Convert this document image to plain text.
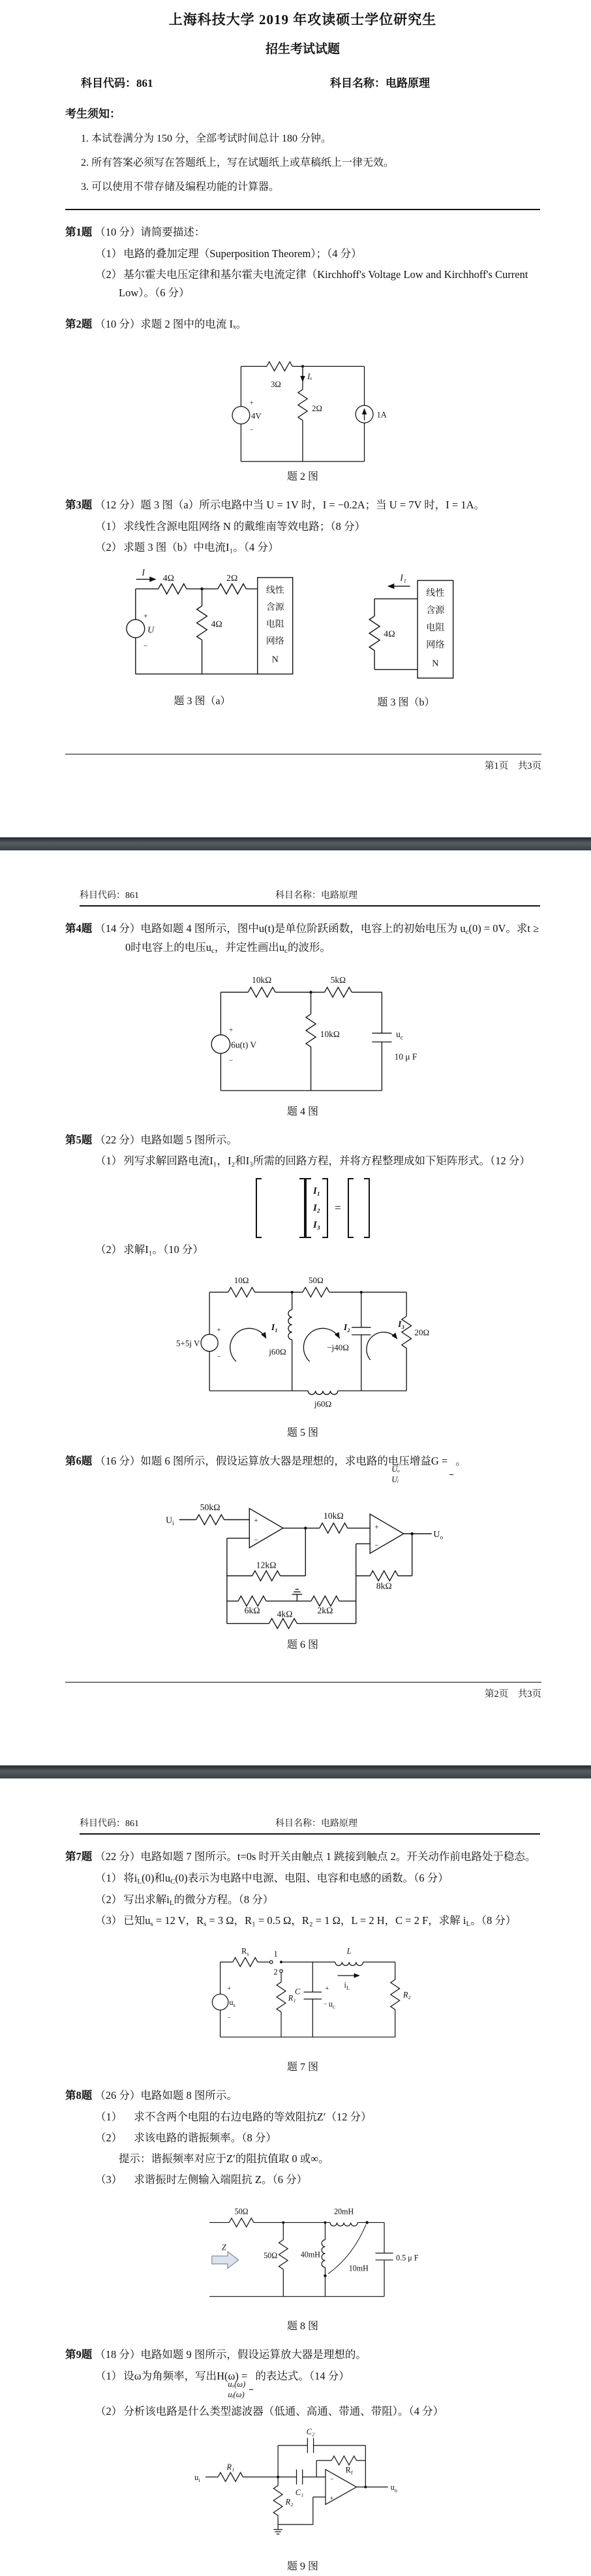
上海科技大学 2019 年攻读硕士学位研究生
招生考试试题
科目代码：861	科目名称：电路原理
考生须知：
1. 本试卷满分为 150 分，全部考试时间总计 180 分钟。
2. 所有答案必须写在答题纸上，写在试题纸上或草稿纸上一律无效。
3. 可以使用不带存储及编程功能的计算器。
第1题 （10 分）请简要描述：
（1） 电路的叠加定理（Superposition Theorem）；（4 分）
（2） 基尔霍夫电压定律和基尔霍夫电流定律（Kirchhoff's Voltage Low and Kirchhoff's Current Low）。（6 分）
第2题 （10 分）求题 2 图中的电流 Iₓ。
Iₓ
3Ω
2Ω
+
4V
−
1A
题 2 图
第3题 （12 分）题 3 图（a）所示电路中当 U = 1V 时，I = −0.2A；当 U = 7V 时，I = 1A。
（1） 求线性含源电阻网络 N 的戴维南等效电路；（8 分）
（2） 求题 3 图（b）中电流I₁。（4 分）
I
4Ω	2Ω
4Ω
+
U
−
线性
含源
电阻
网络
N
题 3 图（a）
I₁
4Ω
线性
含源
电阻
网络
N
题 3 图（b）
第1页　共3页
科目代码：861	科目名称：电路原理
第4题 （14 分）电路如题 4 图所示，图中u(t)是单位阶跃函数，电容上的初始电压为 $u_c(0) = 0V$。求t ≥ 0时电容上的电压$u_c$，并定性画出$u_c$的波形。
10kΩ	5kΩ
10kΩ
+
6u(t) V
−
$u_c$
10 μ F
题 4 图
第5题 （22 分）电路如题 5 图所示。
（1） 列写求解回路电流I₁，I₂和I₃所需的回路方程，并将方程整理成如下矩阵形式。（12 分）
I₁
I₂
I₃
=
（2） 求解I₁。（10 分）
10Ω	50Ω
5+5j V
+
−
I₁	I₂	I₃
j60Ω	−j40Ω
20Ω
j60Ω
题 5 图
第6题 （16 分）如题 6 图所示，假设运算放大器是理想的，求电路的电压增益G =
$\frac{\text{Uₒ}}{\text{Uᵢ}}$
。
$U_i$
50kΩ
10kΩ
12kΩ
8kΩ
6kΩ	2kΩ
4kΩ
+
−
+
−
$U_o$
题 6 图
第2页　共3页
科目代码：861	科目名称：电路原理
第7题 （22 分）电路如题 7 图所示。t=0s 时开关由触点 1 跳接到触点 2。开关动作前电路处于稳态。
（1） 将$i_L(0)$和$u_C(0)$表示为电路中电源、电阻、电容和电感的函数。（6 分）
（2） 写出求解$i_L$的微分方程。（8 分）
（3） 已知$u_s = 12$ V，$R_s = 3$ Ω，R₁ = 0.5 Ω，R₂ = 1 Ω，L = 2 H，C = 2 F，求解 $i_L$。（8 分）
$R_s$ 1
2
R₁
C	+
− $u_c$
L
$i_L$
R₂
+
$u_s$
−
题 7 图
第8题 （26 分）电路如题 8 图所示。
（1） 求不含两个电阻的右边电路的等效阻抗Z′（12 分）
（2） 求该电路的谐振频率。（8 分）
提示：谐振频率对应于Z′的阻抗值取 0 或∞。
（3） 求谐振时左侧输入端阻抗 Z。（6 分）
50Ω	20mH
Z
50Ω 40mH
10mH
0.5 μ F
题 8 图
第9题 （18 分）电路如题 9 图所示，假设运算放大器是理想的。
（1） 设ω为角频率，写出H(ω) =
$\frac{\text{uₒ(ω)}}{\text{uᵢ(ω)}}$
的表达式。（14 分）
（2） 分析该电路是什么类型滤波器（低通、高通、带通、带阻）。（4 分）
$u_i$
R₁
C₂
C₁
$R_f$
R₂
−
+
$u_o$
题 9 图
